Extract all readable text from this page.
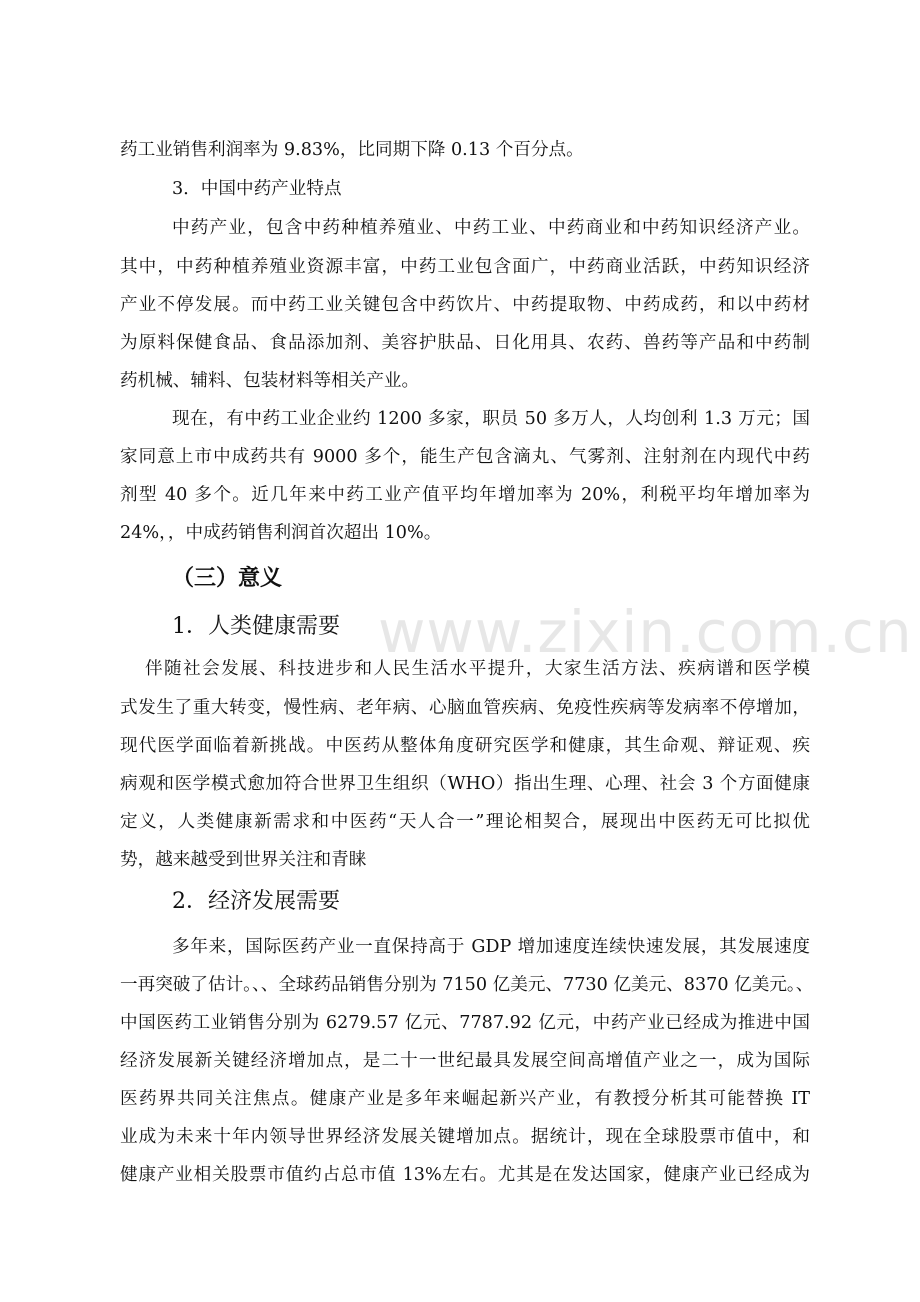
www.zixin.com.cn
药工业销售利润率为 9.83%，比同期下降 0.13 个百分点。
3．中国中药产业特点
中药产业，包含中药种植养殖业、中药工业、中药商业和中药知识经济产业。
其中，中药种植养殖业资源丰富，中药工业包含面广，中药商业活跃，中药知识经济
产业不停发展。而中药工业关键包含中药饮片、中药提取物、中药成药，和以中药材
为原料保健食品、食品添加剂、美容护肤品、日化用具、农药、兽药等产品和中药制
药机械、辅料、包装材料等相关产业。
现在，有中药工业企业约 1200 多家，职员 50 多万人，人均创利 1.3 万元；国
家同意上市中成药共有 9000 多个，能生产包含滴丸、气雾剂、注射剂在内现代中药
剂型 40 多个。近几年来中药工业产值平均年增加率为 20%，利税平均年增加率为
24%，，中成药销售利润首次超出 10%。
（三）意义
1．人类健康需要
伴随社会发展、科技进步和人民生活水平提升，大家生活方法、疾病谱和医学模
式发生了重大转变，慢性病、老年病、心脑血管疾病、免疫性疾病等发病率不停增加，
现代医学面临着新挑战。中医药从整体角度研究医学和健康，其生命观、辩证观、疾
病观和医学模式愈加符合世界卫生组织（WHO）指出生理、心理、社会 3 个方面健康
定义，人类健康新需求和中医药“天人合一”理论相契合，展现出中医药无可比拟优
势，越来越受到世界关注和青睐
2．经济发展需要
多年来，国际医药产业一直保持高于 GDP 增加速度连续快速发展，其发展速度
一再突破了估计。、、全球药品销售分别为 7150 亿美元、7730 亿美元、8370 亿美元。、
中国医药工业销售分别为 6279.57 亿元、7787.92 亿元，中药产业已经成为推进中国
经济发展新关键经济增加点，是二十一世纪最具发展空间高增值产业之一，成为国际
医药界共同关注焦点。健康产业是多年来崛起新兴产业，有教授分析其可能替换 IT
业成为未来十年内领导世界经济发展关键增加点。据统计，现在全球股票市值中，和
健康产业相关股票市值约占总市值 13%左右。尤其是在发达国家，健康产业已经成为
